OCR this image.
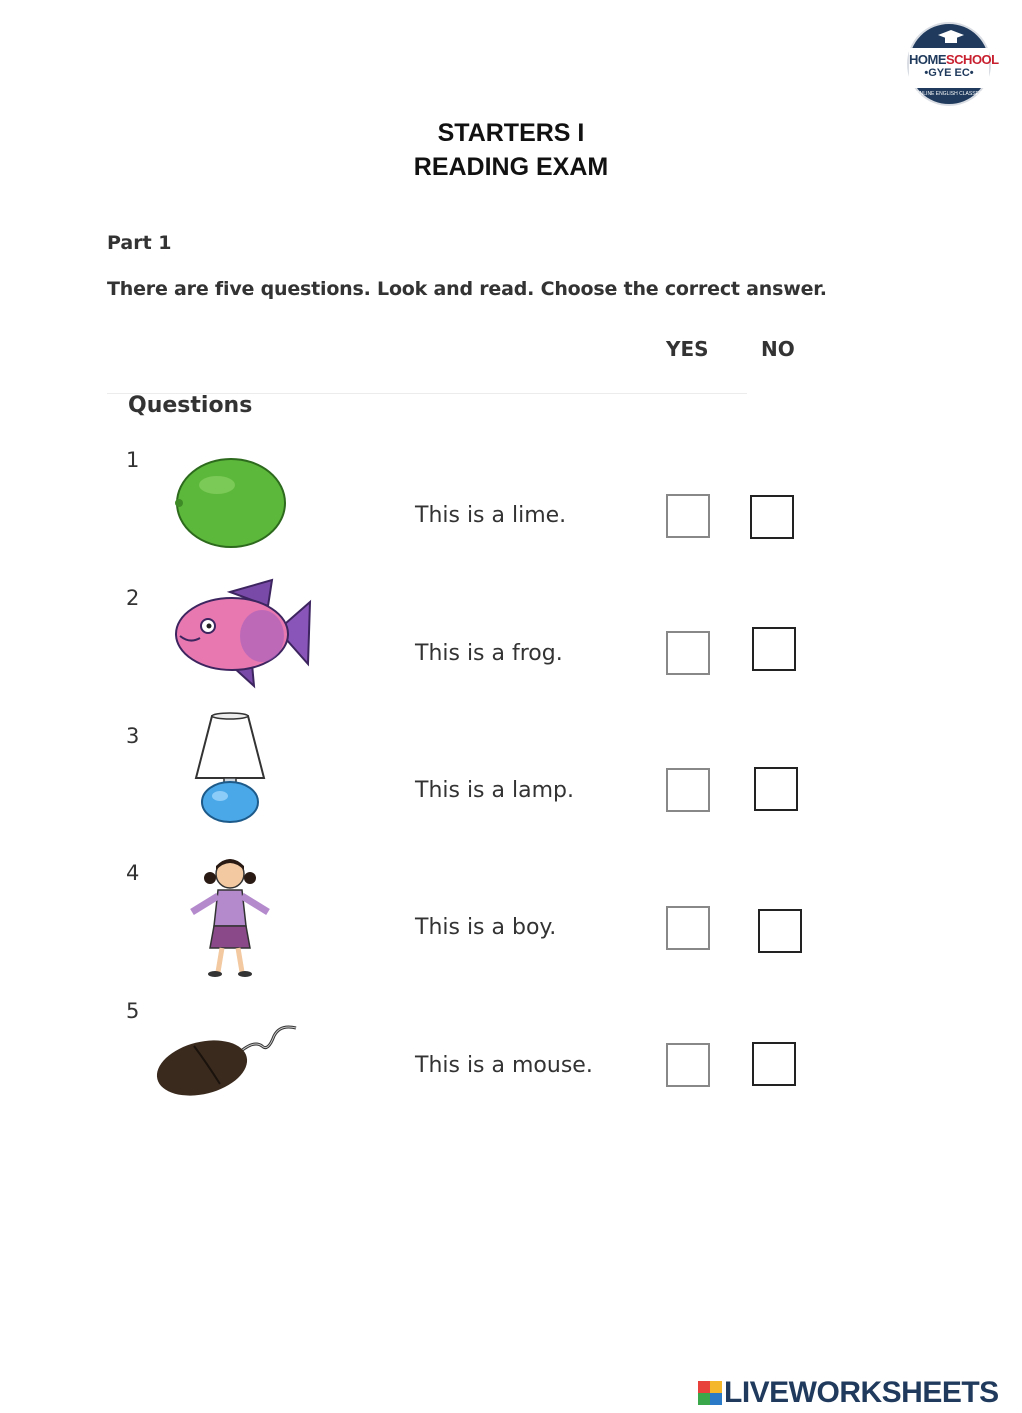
HOMESCHOOL
•GYE EC•
ONLINE ENGLISH CLASSES
STARTERS I
READING EXAM
Part 1
There are five questions. Look and read. Choose the correct answer.
YES	NO
Questions
1
This is a lime.
2
This is a frog.
3
This is a lamp.
4
This is a boy.
5
This is a mouse.
LIVEWORKSHEETS
